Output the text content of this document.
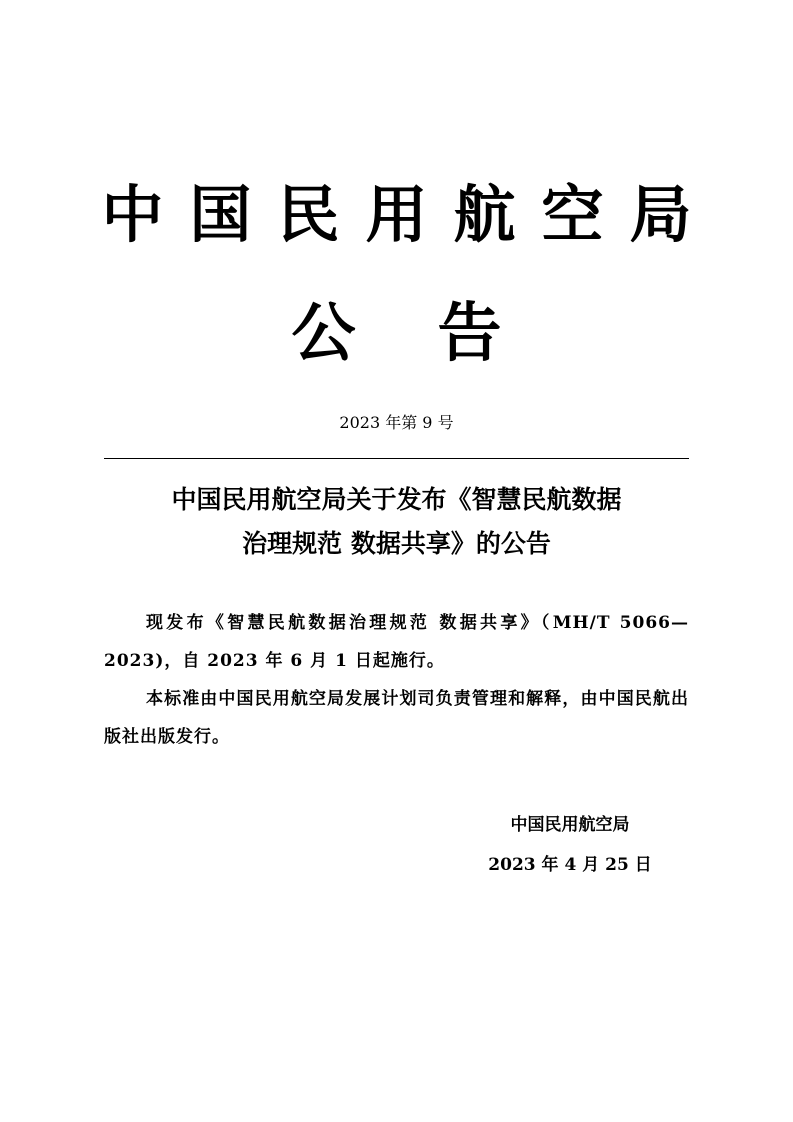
中国民用航空局
公告
2023 年第 9 号
中国民用航空局关于发布《智慧民航数据
治理规范 数据共享》的公告

现发布《智慧民航数据治理规范 数据共享》（MH/T 5066—2023)，自 2023 年 6 月 1 日起施行。

本标准由中国民用航空局发展计划司负责管理和解释，由中国民航出版社出版发行。

中国民用航空局
2023 年 4 月 25 日
